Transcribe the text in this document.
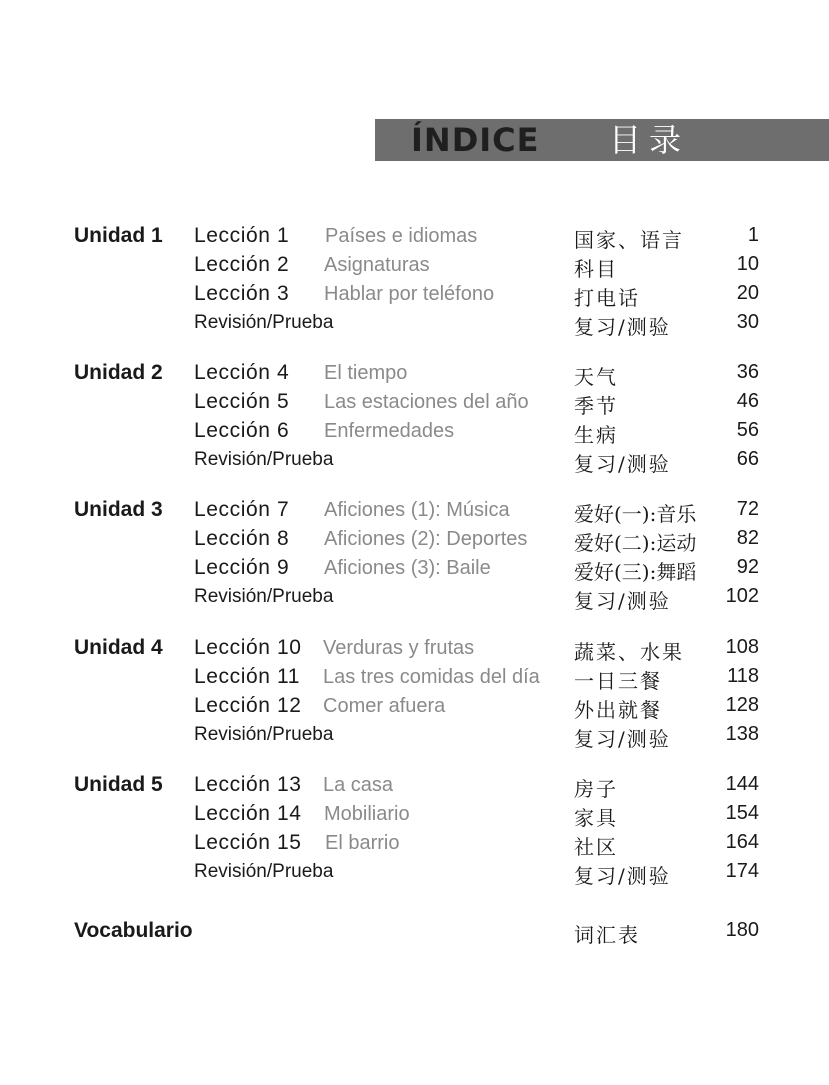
ÍNDICE 目录
Unidad 1 Lección 1 Países e idiomas	国家、语言	1
Lección 2 Asignaturas	科目	10
Lección 3 Hablar por teléfono	打电话	20
Revisión/Prueba	复习/测验	30
Unidad 2 Lección 4 El tiempo	天气	36
Lección 5 Las estaciones del año 季节	46
Lección 6 Enfermedades	生病	56
Revisión/Prueba	复习/测验	66
Unidad 3 Lección 7 Aficiones (1): Música	爱好(一):音乐 72
Lección 8 Aficiones (2): Deportes 爱好(二):运动 82
Lección 9 Aficiones (3): Baile	爱好(三):舞蹈 92
Revisión/Prueba	复习/测验	102
Unidad 4 Lección 10 Verduras y frutas	蔬菜、水果 108
Lección 11 Las tres comidas del día 一日三餐	118
Lección 12 Comer afuera	外出就餐	128
Revisión/Prueba	复习/测验	138
Unidad 5 Lección 13 La casa	房子	144
Lección 14 Mobiliario	家具	154
Lección 15 El barrio	社区	164
Revisión/Prueba	复习/测验	174
Vocabulario	词汇表	180
